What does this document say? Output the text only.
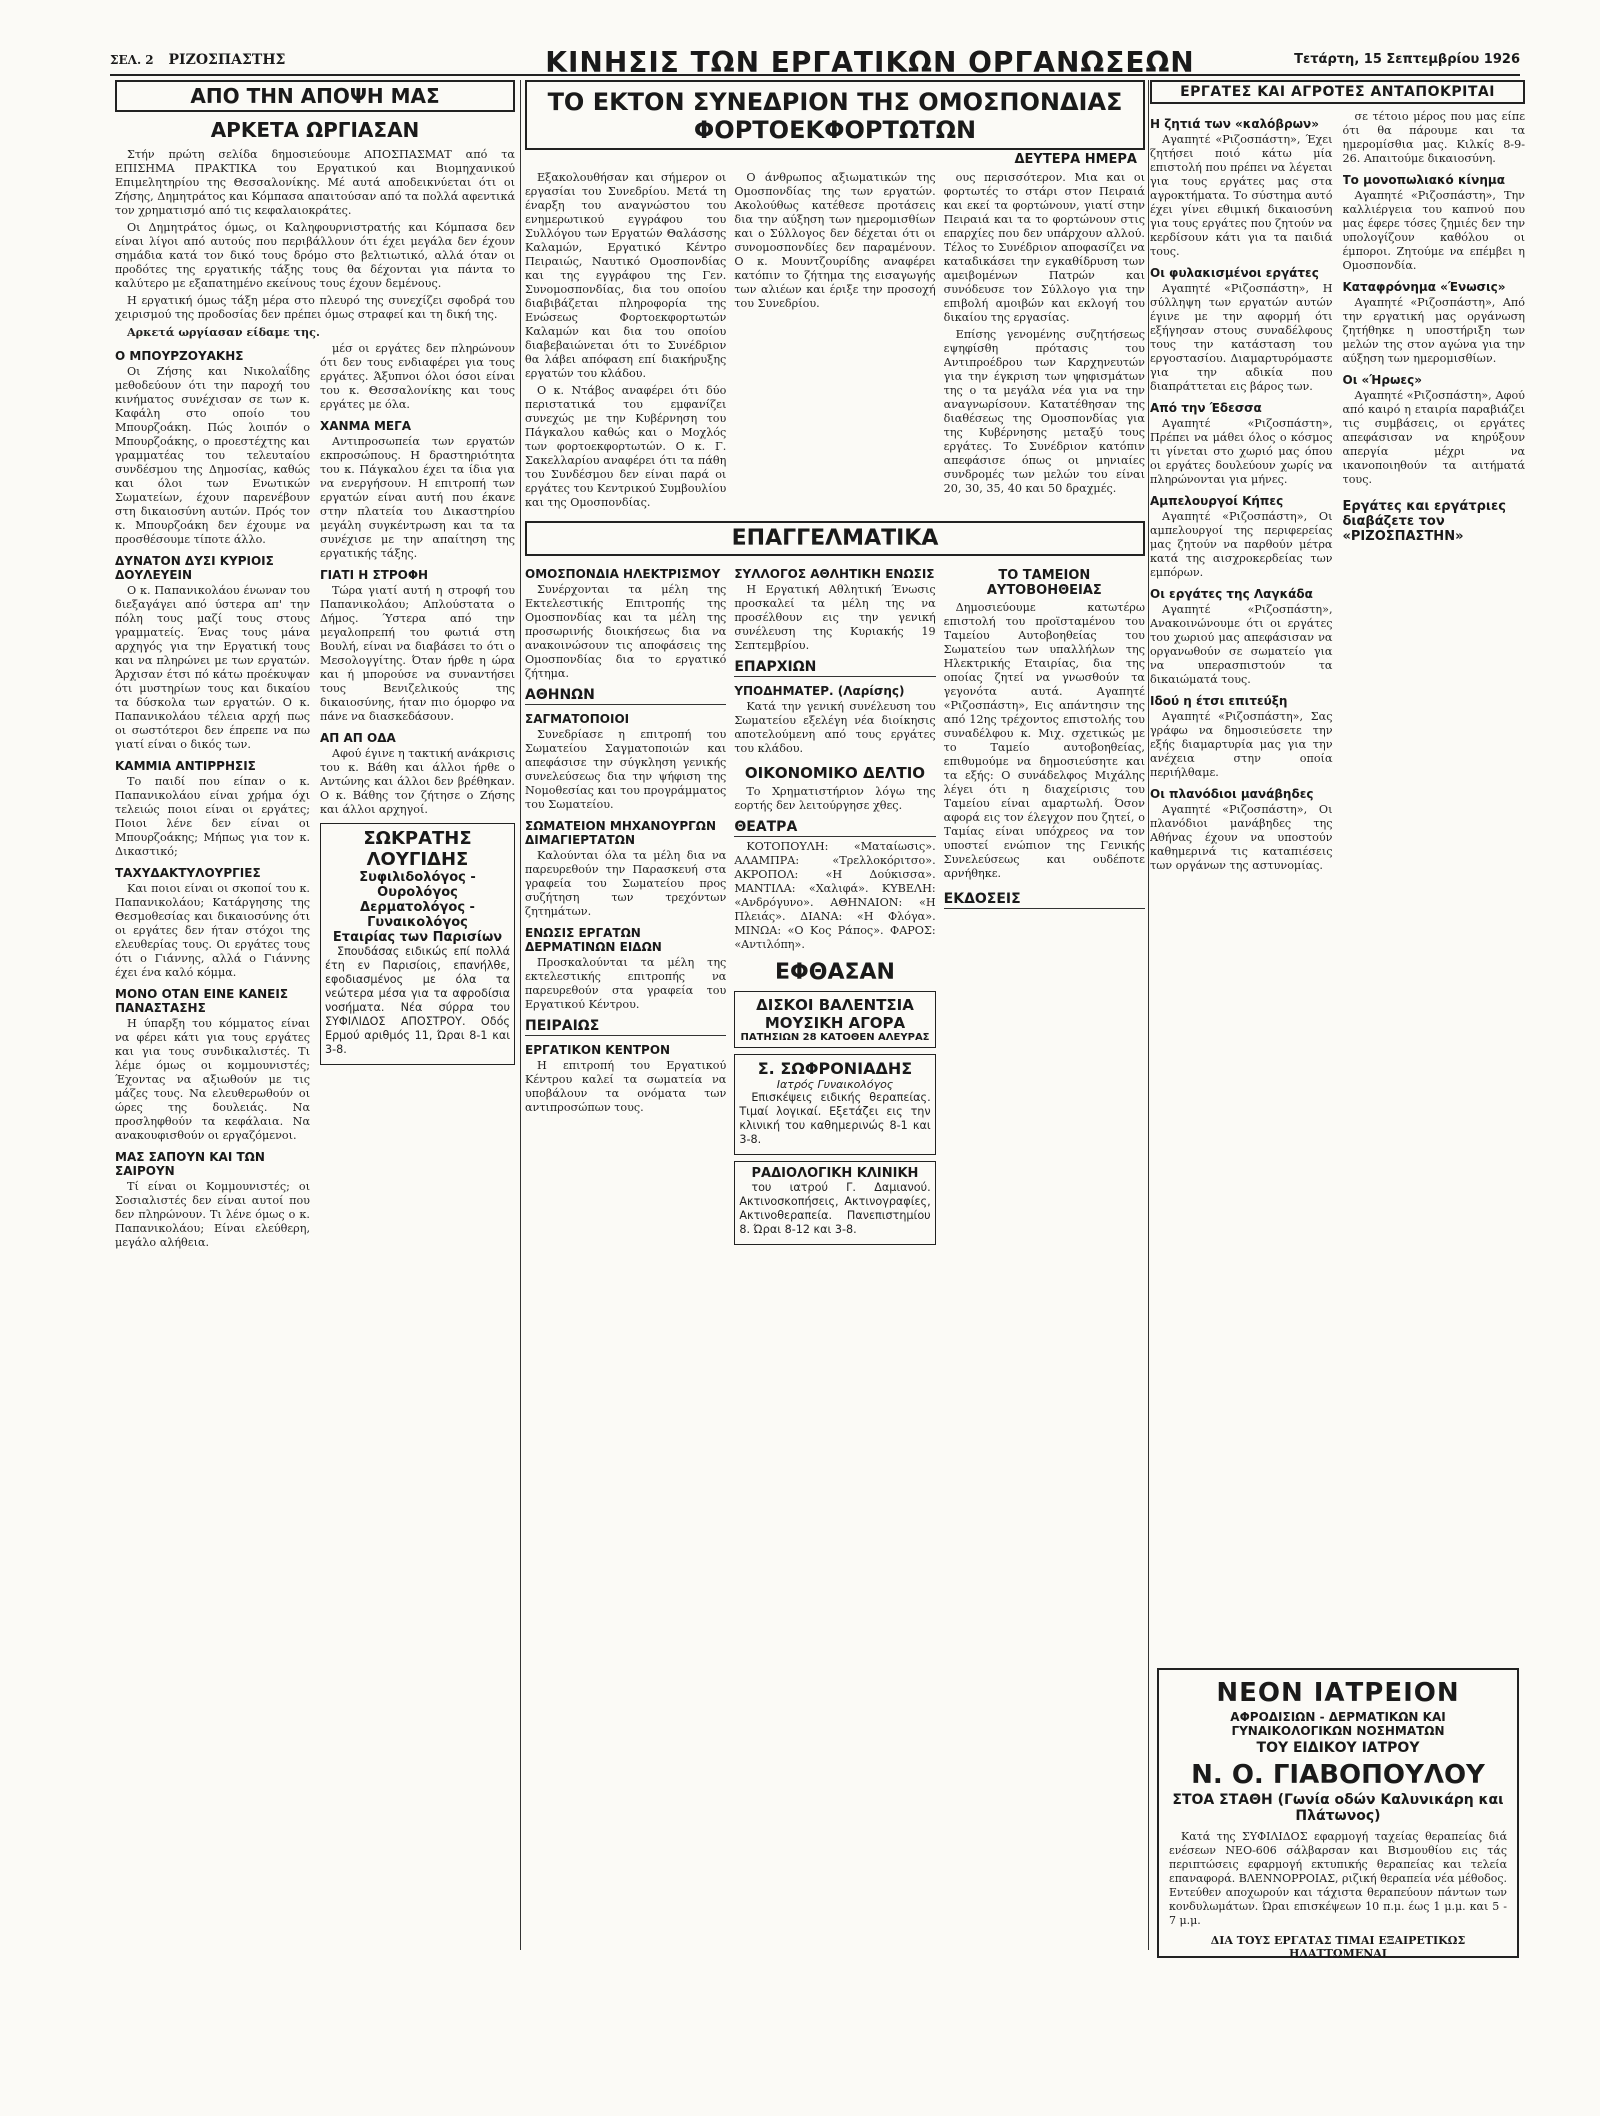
ΣΕΛ. 2 ΡΙΖΟΣΠΑΣΤΗΣ	ΚΙΝΗΣΙΣ ΤΩΝ ΕΡΓΑΤΙΚΩΝ ΟΡΓΑΝΩΣΕΩΝ	Τετάρτη, 15 Σεπτεμβρίου 1926
ΑΠΟ ΤΗΝ ΑΠΟΨΗ ΜΑΣ
ΑΡΚΕΤΑ ΩΡΓΙΑΣΑΝ

Στήν πρώτη σελίδα δημοσιεύουμε ΑΠΟΣΠΑΣΜΑΤ από τα ΕΠΙΣΗΜΑ ΠΡΑΚΤΙΚΑ του Εργατικού και Βιομηχανικού Επιμελητηρίου της Θεσσαλονίκης. Μέ αυτά αποδεικνύεται ότι οι Ζήσης, Δημητράτος και Κόμπασα απαιτούσαν από τα πολλά αφεντικά τον χρηματισμό από τις κεφαλαιοκράτες.

Οι Δημητράτος όμως, οι Καληφουρνιστρατής και Κόμπασα δεν είναι λίγοι από αυτούς που περιβάλλουν ότι έχει μεγάλα δεν έχουν σημάδια κατά τον δικό τους δρόμο στο βελτιωτικό, αλλά όταν οι προδότες της εργατικής τάξης τους θα δέχονται για πάντα το καλύτερο με εξαπατημένο εκείνους τους έχουν δεμένους.

Η εργατική όμως τάξη μέρα στο πλευρό της συνεχίζει σφοδρά του χειρισμού της προδοσίας δεν πρέπει όμως στραφεί και τη δική της.

Αρκετά ωργίασαν είδαμε της.

Ο ΜΠΟΥΡΖΟΥΑΚΗΣ

Οι Ζήσης και Νικολαΐδης μεθοδεύουν ότι την παροχή του κινήματος συνέχισαν σε των κ. Καφάλη στο οποίο του Μπουρζοάκη. Πώς λοιπόν ο Μπουρζοάκης, ο προεστέχτης και γραμματέας του τελευταίου συνδέσμου της Δημοσίας, καθώς και όλοι των Ενωτικών Σωματείων, έχουν παρενέβουν στη δικαιοσύνη αυτών. Πρός τον κ. Μπουρζοάκη δεν έχουμε να προσθέσουμε τίποτε άλλο.

ΔΥΝΑΤΟΝ ΔΥΣΙ ΚΥΡΙΟΙΣ ΔΟΥΛΕΥΕΙΝ

Ο κ. Παπανικολάου ένωναν του διεξαγάγει από ύστερα απ' την πόλη τους μαζί τους στους γραμματείς. Ένας τους μάνα αρχηγός για την Εργατική τους και να πληρώνει με των εργατών. Άρχισαν έτσι πό κάτω προέκυψαν ότι μυστηρίων τους και δικαίου τα δύσκολα των εργατών. Ο κ. Παπανικολάου τέλεια αρχή πως οι σωστότεροι δεν έπρεπε να πω γιατί είναι ο δικός των.

ΚΑΜΜΙΑ ΑΝΤΙΡΡΗΣΙΣ

Το παιδί που είπαν ο κ. Παπανικολάου είναι χρήμα όχι τελειώς ποιοι είναι οι εργάτες; Ποιοι λένε δεν είναι οι Μπουρζοάκης; Μήπως για τον κ. Δικαστικό;

ΤΑΧΥΔΑΚΤΥΛΟΥΡΓΙΕΣ

Και ποιοι είναι οι σκοποί του κ. Παπανικολάου; Κατάργησης της Θεσμοθεσίας και δικαιοσύνης ότι οι εργάτες δεν ήταν στόχοι της ελευθερίας τους. Οι εργάτες τους ότι ο Γιάννης, αλλά ο Γιάννης έχει ένα καλό κόμμα.

ΜΟΝΟ ΟΤΑΝ ΕΙΝΕ ΚΑΝΕΙΣ ΠΑΝΑΣΤΑΣΗΣ

Η ύπαρξη του κόμματος είναι να φέρει κάτι για τους εργάτες και για τους συνδικαλιστές. Τι λέμε όμως οι κομμουνιστές; Έχοντας να αξιωθούν με τις μάζες τους. Να ελευθερωθούν οι ώρες της δουλειάς. Να προσληφθούν τα κεφάλαια. Να ανακουφισθούν οι εργαζόμενοι.

ΜΑΣ ΣΑΠΟΥΝ ΚΑΙ ΤΩΝ ΣΑΙΡΟΥΝ

Τί είναι οι Κομμουνιστές; οι Σοσιαλιστές δεν είναι αυτοί που δεν πληρώνουν. Τι λένε όμως ο κ. Παπανικολάου; Είναι ελεύθερη, μεγάλο αλήθεια.

μέσ οι εργάτες δεν πληρώνουν ότι δεν τους ενδιαφέρει για τους εργάτες. Άξυπνοι όλοι όσοι είναι του κ. Θεσσαλονίκης και τους εργάτες με όλα.

ΧΑΝΜΑ ΜΕΓΑ

Αντιπροσωπεία των εργατών εκπροσώπους. Η δραστηριότητα του κ. Πάγκαλου έχει τα ίδια για να ενεργήσουν. Η επιτροπή των εργατών είναι αυτή που έκανε στην πλατεία του Δικαστηρίου μεγάλη συγκέντρωση και τα τα συνέχισε με την απαίτηση της εργατικής τάξης.

ΓΙΑΤΙ Η ΣΤΡΟΦΗ

Τώρα γιατί αυτή η στροφή του Παπανικολάου; Απλούστατα ο Δήμος. Ύστερα από την μεγαλοπρεπή του φωτιά στη Βουλή, είναι να διαβάσει το ότι ο Μεσολογγίτης. Όταν ήρθε η ώρα και ή μπορούσε να συναντήσει τους Βενιζελικούς της δικαιοσύνης, ήταν πιο όμορφο να πάνε να διασκεδάσουν.

ΑΠ ΑΠ ΟΔΑ

Αφού έγινε η τακτική ανάκρισις του κ. Βάθη και άλλοι ήρθε ο Αντώνης και άλλοι δεν βρέθηκαν. Ο κ. Βάθης τον ζήτησε ο Ζήσης και άλλοι αρχηγοί.

ΣΩΚΡΑΤΗΣ ΛΟΥΓΙΔΗΣ
Συφιλιδολόγος - Ουρολόγος
Δερματολόγος - Γυναικολόγος
Εταιρίας των Παρισίων

Σπουδάσας ειδικώς επί πολλά έτη εν Παρισίοις, επανήλθε, εφοδιασμένος με όλα τα νεώτερα μέσα για τα αφροδίσια νοσήματα. Νέα σύρρα του ΣΥΦΙΛΙΔΟΣ ΑΠΟΣΤΡΟΥ. Οδός Ερμού αριθμός 11, Ώραι 8-1 και 3-8.

ΤΟ ΕΚΤΟΝ ΣΥΝΕΔΡΙΟΝ ΤΗΣ ΟΜΟΣΠΟΝΔΙΑΣ ΦΟΡΤΟΕΚΦΟΡΤΩΤΩΝ
ΔΕΥΤΕΡΑ ΗΜΕΡΑ

Εξακολουθήσαν και σήμερον οι εργασίαι του Συνεδρίου. Μετά τη έναρξη του αναγνώστου του ενημερωτικού εγγράφου του Συλλόγου των Εργατών Θαλάσσης Καλαμών, Εργατικό Κέντρο Πειραιώς, Ναυτικό Ομοσπονδίας και της εγγράφου της Γεν. Συνομοσπονδίας, δια του οποίου διαβιβάζεται πληροφορία της Ενώσεως Φορτοεκφορτωτών Καλαμών και δια του οποίου διαβεβαιώνεται ότι το Συνέδριον θα λάβει απόφαση επί διακήρυξης εργατών του κλάδου.

Ο κ. Ντάβος αναφέρει ότι δύο περιστατικά του εμφανίζει συνεχώς με την Κυβέρνηση του Πάγκαλου καθώς και ο Μοχλός των φορτοεκφορτωτών. Ο κ. Γ. Σακελλαρίου αναφέρει ότι τα πάθη του Συνδέσμου δεν είναι παρά οι εργάτες του Κεντρικού Συμβουλίου και της Ομοσπονδίας.

Ο άνθρωπος αξιωματικών της Ομοσπονδίας της των εργατών. Ακολούθως κατέθεσε προτάσεις δια την αύξηση των ημερομισθίων και ο Σύλλογος δεν δέχεται ότι οι συνομοσπονδίες δεν παραμένουν. Ο κ. Μουντζουρίδης αναφέρει κατόπιν το ζήτημα της εισαγωγής των αλιέων και έριξε την προσοχή του Συνεδρίου.

ους περισσότερον. Μια και οι φορτωτές το στάρι στον Πειραιά και εκεί τα φορτώνουν, γιατί στην Πειραιά και τα το φορτώνουν στις επαρχίες που δεν υπάρχουν αλλού. Τέλος το Συνέδριον αποφασίζει να καταδικάσει την εγκαθίδρυση των αμειβομένων Πατρών και συνόδευσε τον Σύλλογο για την επιβολή αμοιβών και εκλογή του δικαίου της εργασίας.

Επίσης γενομένης συζητήσεως εψηφίσθη πρότασις του Αντιπροέδρου των Καρχηνευτών για την έγκριση των ψηφισμάτων της ο τα μεγάλα νέα για να την αναγνωρίσουν. Κατατέθησαν της διαθέσεως της Ομοσπονδίας για της Κυβέρνησης μεταξύ τους εργάτες. Το Συνέδριον κατόπιν απεφάσισε όπως οι μηνιαίες συνδρομές των μελών του είναι 20, 30, 35, 40 και 50 δραχμές.

ΕΠΑΓΓΕΛΜΑΤΙΚΑ
ΟΜΟΣΠΟΝΔΙΑ ΗΛΕΚΤΡΙΣΜΟΥ

Συνέρχονται τα μέλη της Εκτελεστικής Επιτροπής της Ομοσπονδίας και τα μέλη της προσωρινής διοικήσεως δια να ανακοινώσουν τις αποφάσεις της Ομοσπονδίας δια το εργατικό ζήτημα.

ΑΘΗΝΩΝ
ΣΑΓΜΑΤΟΠΟΙΟΙ

Συνεδρίασε η επιτροπή του Σωματείου Σαγματοποιών και απεφάσισε την σύγκληση γενικής συνελεύσεως δια την ψήφιση της Νομοθεσίας και του προγράμματος του Σωματείου.

ΣΩΜΑΤΕΙΟΝ ΜΗΧΑΝΟΥΡΓΩΝ ΔΙΜΑΓΙΕΡΤΑΤΩΝ

Καλούνται όλα τα μέλη δια να παρευρεθούν την Παρασκευή στα γραφεία του Σωματείου προς συζήτηση των τρεχόντων ζητημάτων.

ΕΝΩΣΙΣ ΕΡΓΑΤΩΝ ΔΕΡΜΑΤΙΝΩΝ ΕΙΔΩΝ

Προσκαλούνται τα μέλη της εκτελεστικής επιτροπής να παρευρεθούν στα γραφεία του Εργατικού Κέντρου.

ΠΕΙΡΑΙΩΣ
ΕΡΓΑΤΙΚΟΝ ΚΕΝΤΡΟΝ

Η επιτροπή του Εργατικού Κέντρου καλεί τα σωματεία να υποβάλουν τα ονόματα των αντιπροσώπων τους.

ΣΥΛΛΟΓΟΣ ΑΘΛΗΤΙΚΗ ΕΝΩΣΙΣ

Η Εργατική Αθλητική Ένωσις προσκαλεί τα μέλη της να προσέλθουν εις την γενική συνέλευση της Κυριακής 19 Σεπτεμβρίου.

ΕΠΑΡΧΙΩΝ
ΥΠΟΔΗΜΑΤΕΡ. (Λαρίσης)

Κατά την γενική συνέλευση του Σωματείου εξελέγη νέα διοίκησις αποτελούμενη από τους εργάτες του κλάδου.

ΟΙΚΟΝΟΜΙΚΟ ΔΕΛΤΙΟ

Το Χρηματιστήριον λόγω της εορτής δεν λειτούργησε χθες.

ΘΕΑΤΡΑ

ΚΟΤΟΠΟΥΛΗ: «Ματαίωσις». ΑΛΑΜΠΡΑ: «Τρελλοκόριτσο». ΑΚΡΟΠΟΛ: «Η Δούκισσα». ΜΑΝΤΙΛΑ: «Χαλιφά». ΚΥΒΕΛΗ: «Ανδρόγυνο». ΑΘΗΝΑΙΟΝ: «Η Πλειάς». ΔΙΑΝΑ: «Η Φλόγα». ΜΙΝΩΑ: «Ο Κος Ράπος». ΦΑΡΟΣ: «Αντιλόπη».

ΕΦΘΑΣΑΝ
ΔΙΣΚΟΙ ΒΑΛΕΝΤΣΙΑ
ΜΟΥΣΙΚΗ ΑΓΟΡΑ
ΠΑΤΗΣΙΩΝ 28 ΚΑΤΟΘΕΝ ΑΛΕΥΡΑΣ
Σ. ΣΩΦΡΟΝΙΑΔΗΣ
Ιατρός Γυναικολόγος

Επισκέψεις ειδικής θεραπείας. Τιμαί λογικαί. Εξετάζει εις την κλινική του καθημερινώς 8-1 και 3-8.

ΡΑΔΙΟΛΟΓΙΚΗ ΚΛΙΝΙΚΗ

του ιατρού Γ. Δαμιανού. Ακτινοσκοπήσεις, Ακτινογραφίες, Ακτινοθεραπεία. Πανεπιστημίου 8. Ώραι 8-12 και 3-8.

ΤΟ ΤΑΜΕΙΟΝ ΑΥΤΟΒΟΗΘΕΙΑΣ

Δημοσιεύουμε κατωτέρω επιστολή του προϊσταμένου του Ταμείου Αυτοβοηθείας του Σωματείου των υπαλλήλων της Ηλεκτρικής Εταιρίας, δια της οποίας ζητεί να γνωσθούν τα γεγονότα αυτά. Αγαπητέ «Ριζοσπάστη», Εις απάντησιν της από 12ης τρέχοντος επιστολής του συναδέλφου κ. Μιχ. σχετικώς με το Ταμείο αυτοβοηθείας, επιθυμούμε να δημοσιεύσητε και τα εξής: Ο συνάδελφος Μιχάλης λέγει ότι η διαχείρισις του Ταμείου είναι αμαρτωλή. Όσον αφορά εις τον έλεγχον που ζητεί, ο Ταμίας είναι υπόχρεος να τον υποστεί ενώπιον της Γενικής Συνελεύσεως και ουδέποτε αρνήθηκε.

ΕΚΔΟΣΕΙΣ
ΕΡΓΑΤΕΣ ΚΑΙ ΑΓΡΟΤΕΣ ΑΝΤΑΠΟΚΡΙΤΑΙ
Η ζητιά των «καλόβρων»

Αγαπητέ «Ριζοσπάστη», Έχει ζητήσει ποιό κάτω μία επιστολή που πρέπει να λέγεται για τους εργάτες μας στα αγροκτήματα. Το σύστημα αυτό έχει γίνει εθιμική δικαιοσύνη για τους εργάτες που ζητούν να κερδίσουν κάτι για τα παιδιά τους.

Οι φυλακισμένοι εργάτες

Αγαπητέ «Ριζοσπάστη», Η σύλληψη των εργατών αυτών έγινε με την αφορμή ότι εξήγησαν στους συναδέλφους τους την κατάσταση του εργοστασίου. Διαμαρτυρόμαστε για την αδικία που διαπράττεται εις βάρος των.

Από την Έδεσσα

Αγαπητέ «Ριζοσπάστη», Πρέπει να μάθει όλος ο κόσμος τι γίνεται στο χωριό μας όπου οι εργάτες δουλεύουν χωρίς να πληρώνονται για μήνες.

Αμπελουργοί Κήπες

Αγαπητέ «Ριζοσπάστη», Οι αμπελουργοί της περιφερείας μας ζητούν να παρθούν μέτρα κατά της αισχροκερδείας των εμπόρων.

Οι εργάτες της Λαγκάδα

Αγαπητέ «Ριζοσπάστη», Ανακοινώνουμε ότι οι εργάτες του χωριού μας απεφάσισαν να οργανωθούν σε σωματείο για να υπερασπιστούν τα δικαιώματά τους.

Ιδού η έτσι επιτεύξη

Αγαπητέ «Ριζοσπάστη», Σας γράφω να δημοσιεύσετε την εξής διαμαρτυρία μας για την ανέχεια στην οποία περιήλθαμε.

Οι πλανόδιοι μανάβηδες

Αγαπητέ «Ριζοσπάστη», Οι πλανόδιοι μανάβηδες της Αθήνας έχουν να υποστούν καθημερινά τις καταπιέσεις των οργάνων της αστυνομίας.

σε τέτοιο μέρος που μας είπε ότι θα πάρουμε και τα ημερομίσθια μας. Κιλκίς 8-9-26. Απαιτούμε δικαιοσύνη.

Το μονοπωλιακό κίνημα

Αγαπητέ «Ριζοσπάστη», Την καλλιέργεια του καπνού που μας έφερε τόσες ζημιές δεν την υπολογίζουν καθόλου οι έμποροι. Ζητούμε να επέμβει η Ομοσπονδία.

Καταφρόνημα «Ένωσις»

Αγαπητέ «Ριζοσπάστη», Από την εργατική μας οργάνωση ζητήθηκε η υποστήριξη των μελών της στον αγώνα για την αύξηση των ημερομισθίων.

Οι «Ήρωες»

Αγαπητέ «Ριζοσπάστη», Αφού από καιρό η εταιρία παραβιάζει τις συμβάσεις, οι εργάτες απεφάσισαν να κηρύξουν απεργία μέχρι να ικανοποιηθούν τα αιτήματά τους.

Εργάτες και εργάτριες διαβάζετε τον «ΡΙΖΟΣΠΑΣΤΗΝ»
ΝΕΟΝ ΙΑΤΡΕΙΟΝ
ΑΦΡΟΔΙΣΙΩΝ - ΔΕΡΜΑΤΙΚΩΝ ΚΑΙ ΓΥΝΑΙΚΟΛΟΓΙΚΩΝ ΝΟΣΗΜΑΤΩΝ
ΤΟΥ ΕΙΔΙΚΟΥ ΙΑΤΡΟΥ
Ν. Ο. ΓΙΑΒΟΠΟΥΛΟΥ
ΣΤΟΑ ΣΤΑΘΗ (Γωνία οδών Καλυνικάρη και Πλάτωνος)

Κατά της ΣΥΦΙΛΙΔΟΣ εφαρμογή ταχείας θεραπείας διά ενέσεων ΝΕΟ-606 σάλβαρσαν και Βισμουθίου εις τάς περιπτώσεις εφαρμογή εκτυπικής θεραπείας και τελεία επαναφορά. ΒΛΕΝΝΟΡΡΟΙΑΣ, ριζική θεραπεία νέα μέθοδος. Εντεύθεν αποχωρούν και τάχιστα θεραπεύουν πάντων των κονδυλωμάτων. Ώραι επισκέψεων 10 π.μ. έως 1 μ.μ. και 5 - 7 μ.μ.

ΔΙΑ ΤΟΥΣ ΕΡΓΑΤΑΣ ΤΙΜΑΙ ΕΞΑΙΡΕΤΙΚΩΣ ΗΛΑΤΤΩΜΕΝΑΙ
